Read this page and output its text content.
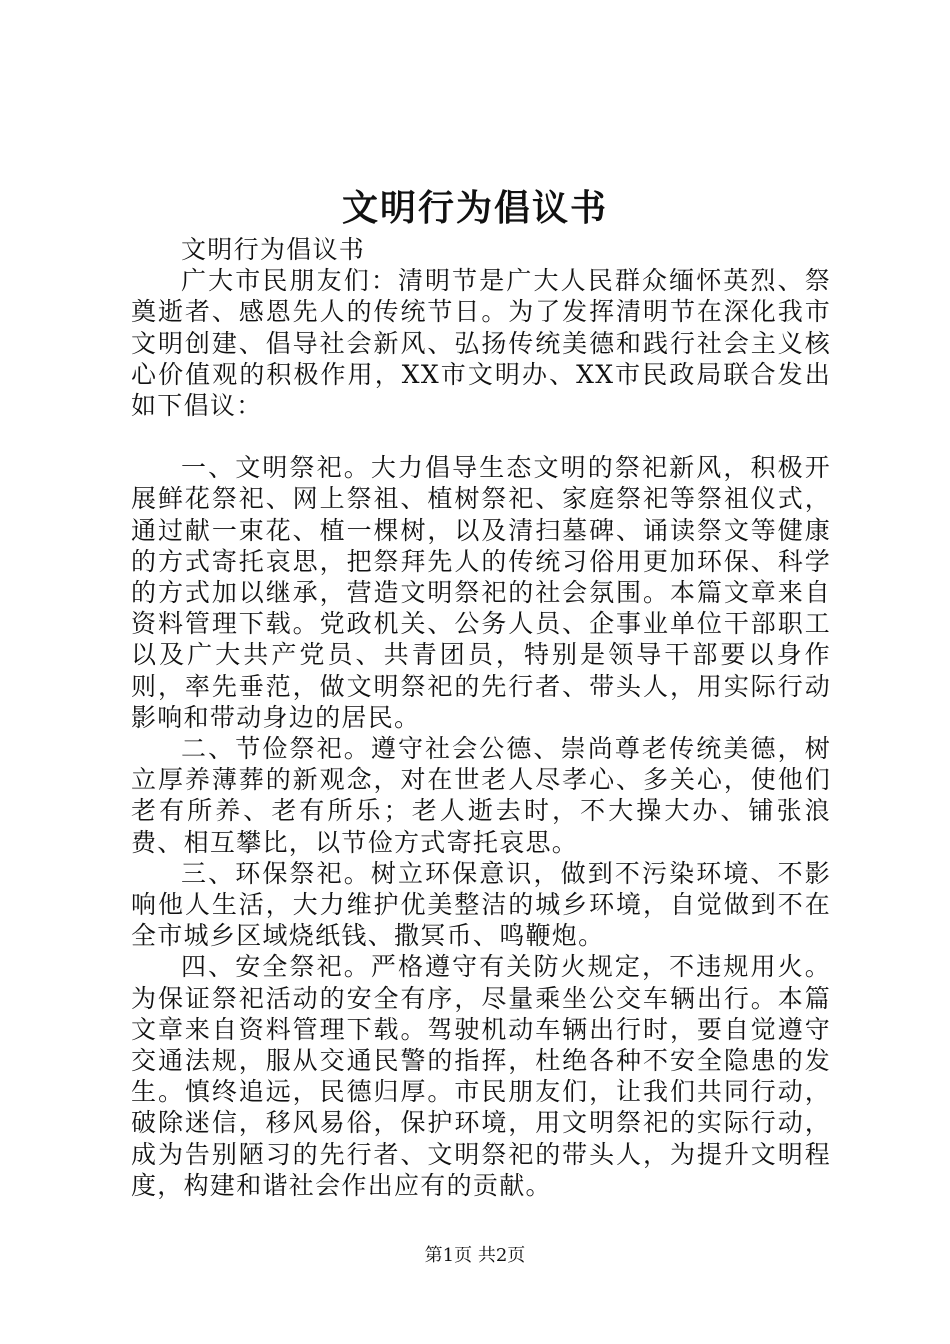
文明行为倡议书

文明行为倡议书

广大市民朋友们：清明节是广大人民群众缅怀英烈、祭奠逝者、感恩先人的传统节日。为了发挥清明节在深化我市文明创建、倡导社会新风、弘扬传统美德和践行社会主义核心价值观的积极作用，XX市文明办、XX市民政局联合发出如下倡议：

一、文明祭祀。大力倡导生态文明的祭祀新风，积极开展鲜花祭祀、网上祭祖、植树祭祀、家庭祭祀等祭祖仪式，通过献一束花、植一棵树，以及清扫墓碑、诵读祭文等健康的方式寄托哀思，把祭拜先人的传统习俗用更加环保、科学的方式加以继承，营造文明祭祀的社会氛围。本篇文章来自资料管理下载。党政机关、公务人员、企事业单位干部职工以及广大共产党员、共青团员，特别是领导干部要以身作则，率先垂范，做文明祭祀的先行者、带头人，用实际行动影响和带动身边的居民。

二、节俭祭祀。遵守社会公德、崇尚尊老传统美德，树立厚养薄葬的新观念，对在世老人尽孝心、多关心，使他们老有所养、老有所乐；老人逝去时，不大操大办、铺张浪费、相互攀比，以节俭方式寄托哀思。

三、环保祭祀。树立环保意识，做到不污染环境、不影响他人生活，大力维护优美整洁的城乡环境，自觉做到不在全市城乡区域烧纸钱、撒冥币、鸣鞭炮。

四、安全祭祀。严格遵守有关防火规定，不违规用火。为保证祭祀活动的安全有序，尽量乘坐公交车辆出行。本篇文章来自资料管理下载。驾驶机动车辆出行时，要自觉遵守交通法规，服从交通民警的指挥，杜绝各种不安全隐患的发生。慎终追远，民德归厚。市民朋友们，让我们共同行动，破除迷信，移风易俗，保护环境，用文明祭祀的实际行动，成为告别陋习的先行者、文明祭祀的带头人，为提升文明程度，构建和谐社会作出应有的贡献。

第1页 共2页
